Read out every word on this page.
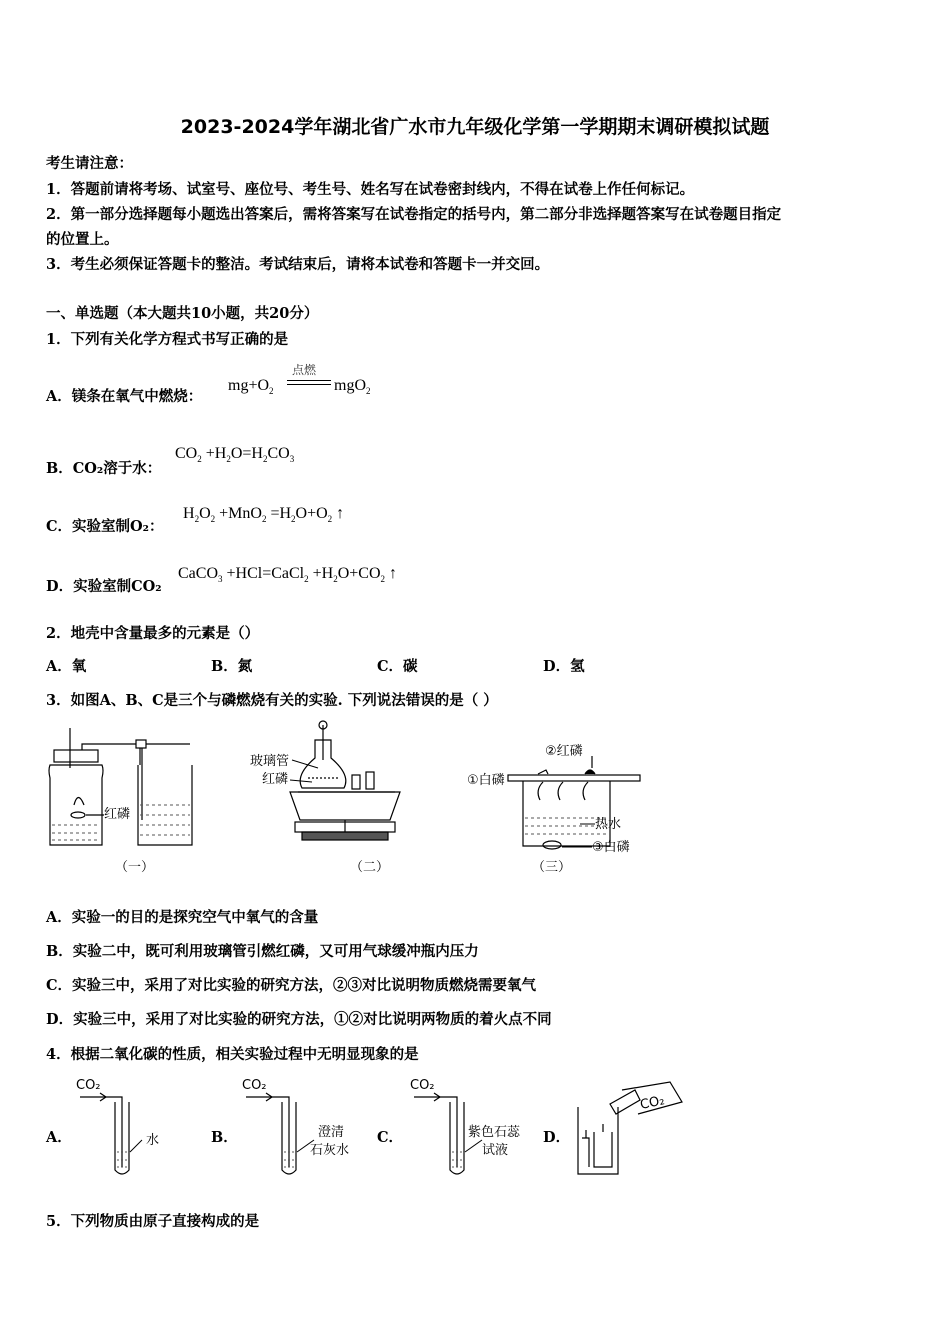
2023-2024学年湖北省广水市九年级化学第一学期期末调研模拟试题
考生请注意：
1．答题前请将考场、试室号、座位号、考生号、姓名写在试卷密封线内，不得在试卷上作任何标记。
2．第一部分选择题每小题选出答案后，需将答案写在试卷指定的括号内，第二部分非选择题答案写在试卷题目指定
的位置上。
3．考生必须保证答题卡的整洁。考试结束后，请将本试卷和答题卡一并交回。
一、单选题（本大题共10小题，共20分）
1．下列有关化学方程式书写正确的是
A．镁条在氧气中燃烧：
$mg+O_2$
点燃
mgO$_2$
B．CO₂溶于水：
$CO_2 +H_2O=H_2CO_3$
C．实验室制O₂：
$H_2O_2 +MnO_2 =H_2O+O_2$ ↑
D．实验室制CO₂
CaCO$_3$ +HCl=CaCl$_2$ $+H_2O+CO_2$ ↑
2．地壳中含量最多的元素是（）
A．氧	B．氮	C．碳	D．氢
3．如图A、B、C是三个与磷燃烧有关的实验. 下列说法错误的是（ ）
红磷
（一）
玻璃管
红磷
（二）
②红磷
①白磷
热水
③白磷
（三）
A．实验一的目的是探究空气中氧气的含量
B．实验二中，既可利用玻璃管引燃红磷，又可用气球缓冲瓶内压力
C．实验三中，采用了对比实验的研究方法，②③对比说明物质燃烧需要氧气
D．实验三中，采用了对比实验的研究方法，①②对比说明两物质的着火点不同
4．根据二氧化碳的性质，相关实验过程中无明显现象的是
A．	B．	C．	D．
CO₂
水
CO₂
澄清
石灰水
CO₂
紫色石蕊
试液
CO₂
5．下列物质由原子直接构成的是
